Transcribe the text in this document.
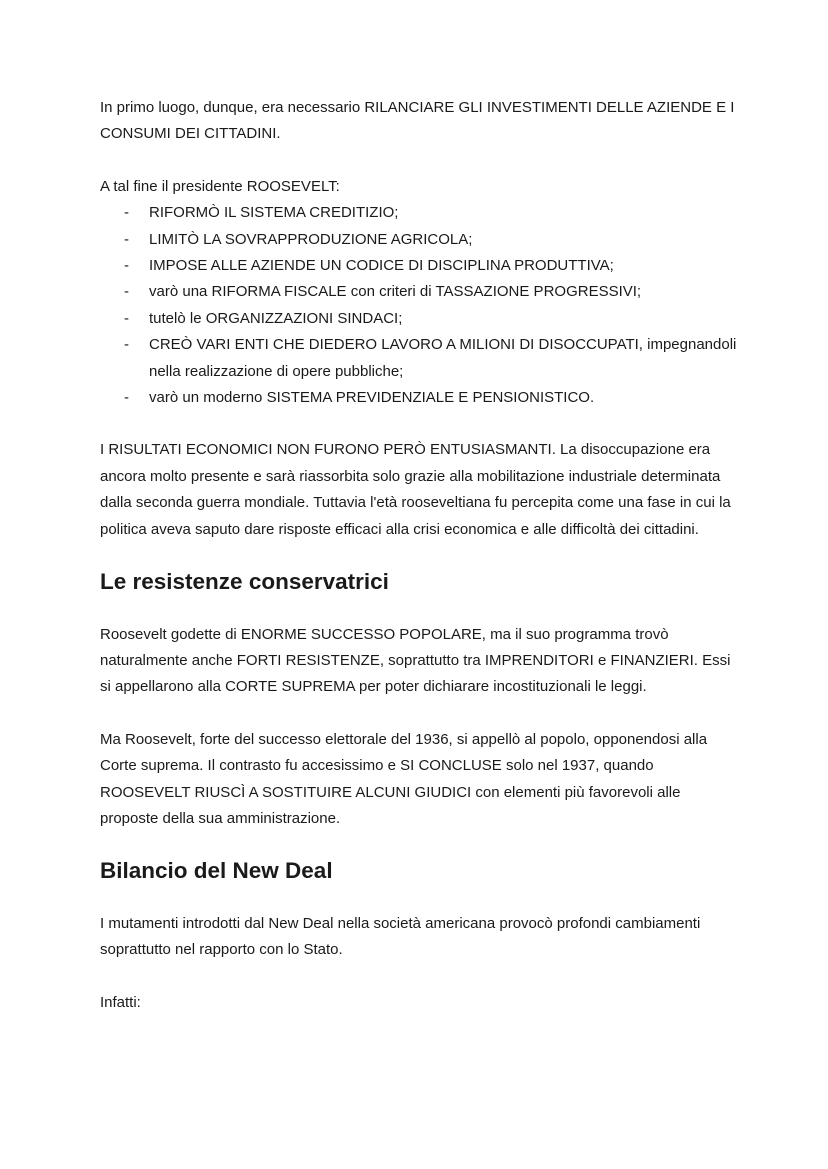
In primo luogo, dunque, era necessario RILANCIARE GLI INVESTIMENTI DELLE AZIENDE E I CONSUMI DEI CITTADINI.

A tal fine il presidente ROOSEVELT:

- RIFORMÒ IL SISTEMA CREDITIZIO;
- LIMITÒ LA SOVRAPPRODUZIONE AGRICOLA;
- IMPOSE ALLE AZIENDE UN CODICE DI DISCIPLINA PRODUTTIVA;
- varò una RIFORMA FISCALE con criteri di TASSAZIONE PROGRESSIVI;
- tutelò le ORGANIZZAZIONI SINDACI;
- CREÒ VARI ENTI CHE DIEDERO LAVORO A MILIONI DI DISOCCUPATI, impegnandoli nella realizzazione di opere pubbliche;
- varò un moderno SISTEMA PREVIDENZIALE E PENSIONISTICO.

I RISULTATI ECONOMICI NON FURONO PERÒ ENTUSIASMANTI. La disoccupazione era ancora molto presente e sarà riassorbita solo grazie alla mobilitazione industriale determinata dalla seconda guerra mondiale. Tuttavia l'età rooseveltiana fu percepita come una fase in cui la politica aveva saputo dare risposte efficaci alla crisi economica e alle difficoltà dei cittadini.

Le resistenze conservatrici

Roosevelt godette di ENORME SUCCESSO POPOLARE, ma il suo programma trovò naturalmente anche FORTI RESISTENZE, soprattutto tra IMPRENDITORI e FINANZIERI. Essi si appellarono alla CORTE SUPREMA per poter dichiarare incostituzionali le leggi.

Ma Roosevelt, forte del successo elettorale del 1936, si appellò al popolo, opponendosi alla Corte suprema. Il contrasto fu accesissimo e SI CONCLUSE solo nel 1937, quando ROOSEVELT RIUSCÌ A SOSTITUIRE ALCUNI GIUDICI con elementi più favorevoli alle proposte della sua amministrazione.

Bilancio del New Deal

I mutamenti introdotti dal New Deal nella società americana provocò profondi cambiamenti soprattutto nel rapporto con lo Stato.

Infatti:
